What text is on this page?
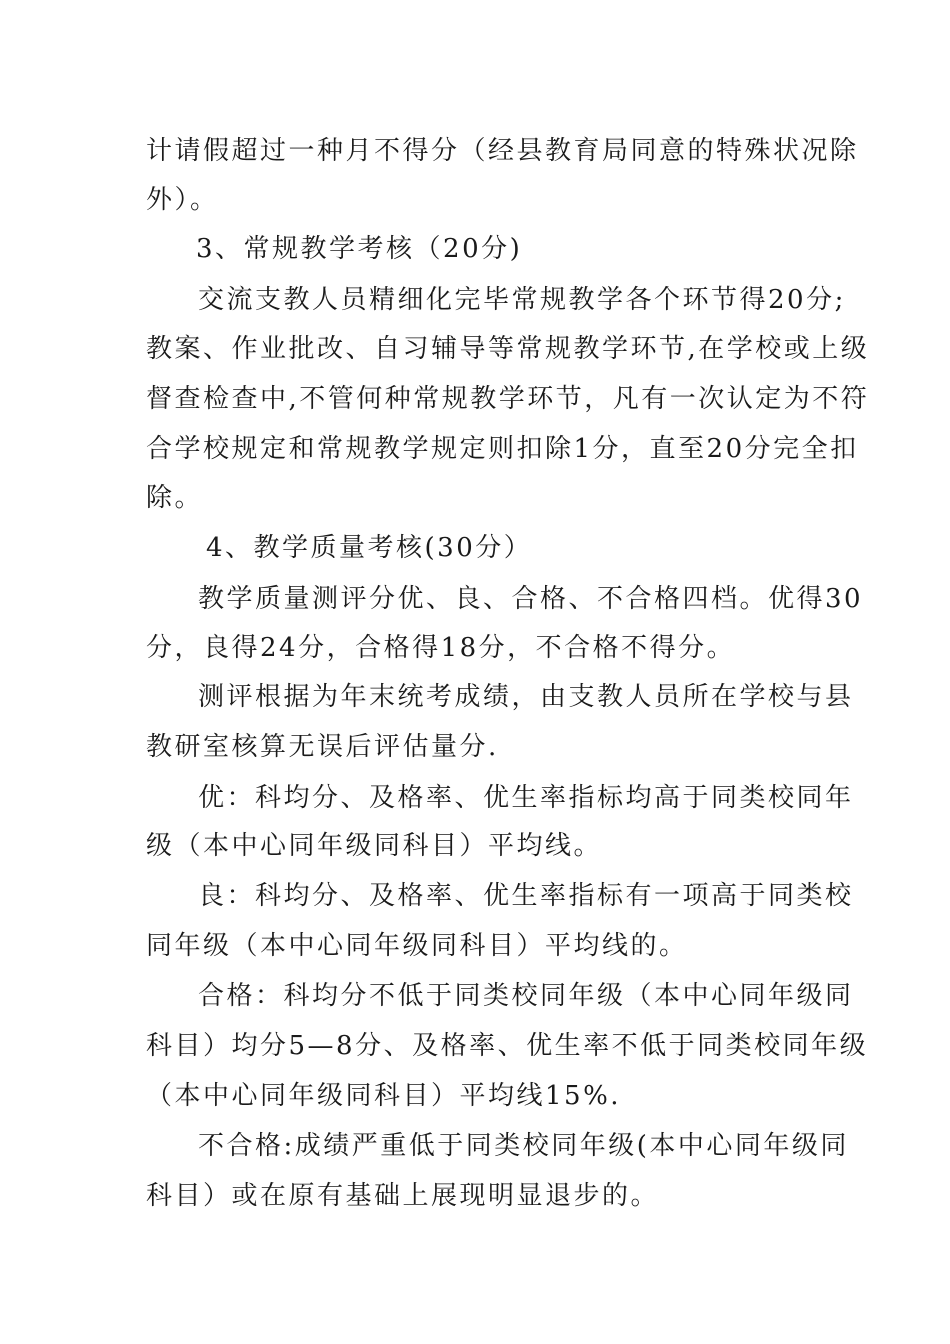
计请假超过一种月不得分（经县教育局同意的特殊状况除
外）。
3、常规教学考核（20分)
交流支教人员精细化完毕常规教学各个环节得20分;
教案、作业批改、自习辅导等常规教学环节,在学校或上级
督查检查中,不管何种常规教学环节，凡有一次认定为不符
合学校规定和常规教学规定则扣除1分，直至20分完全扣
除。
4、教学质量考核(30分）
教学质量测评分优、良、合格、不合格四档。优得30
分，良得24分，合格得18分，不合格不得分。
测评根据为年末统考成绩，由支教人员所在学校与县
教研室核算无误后评估量分.
优：科均分、及格率、优生率指标均高于同类校同年
级（本中心同年级同科目）平均线。
良：科均分、及格率、优生率指标有一项高于同类校
同年级（本中心同年级同科目）平均线的。
合格：科均分不低于同类校同年级（本中心同年级同
科目）均分5—8分、及格率、优生率不低于同类校同年级
（本中心同年级同科目）平均线15%.
不合格:成绩严重低于同类校同年级(本中心同年级同
科目）或在原有基础上展现明显退步的。
